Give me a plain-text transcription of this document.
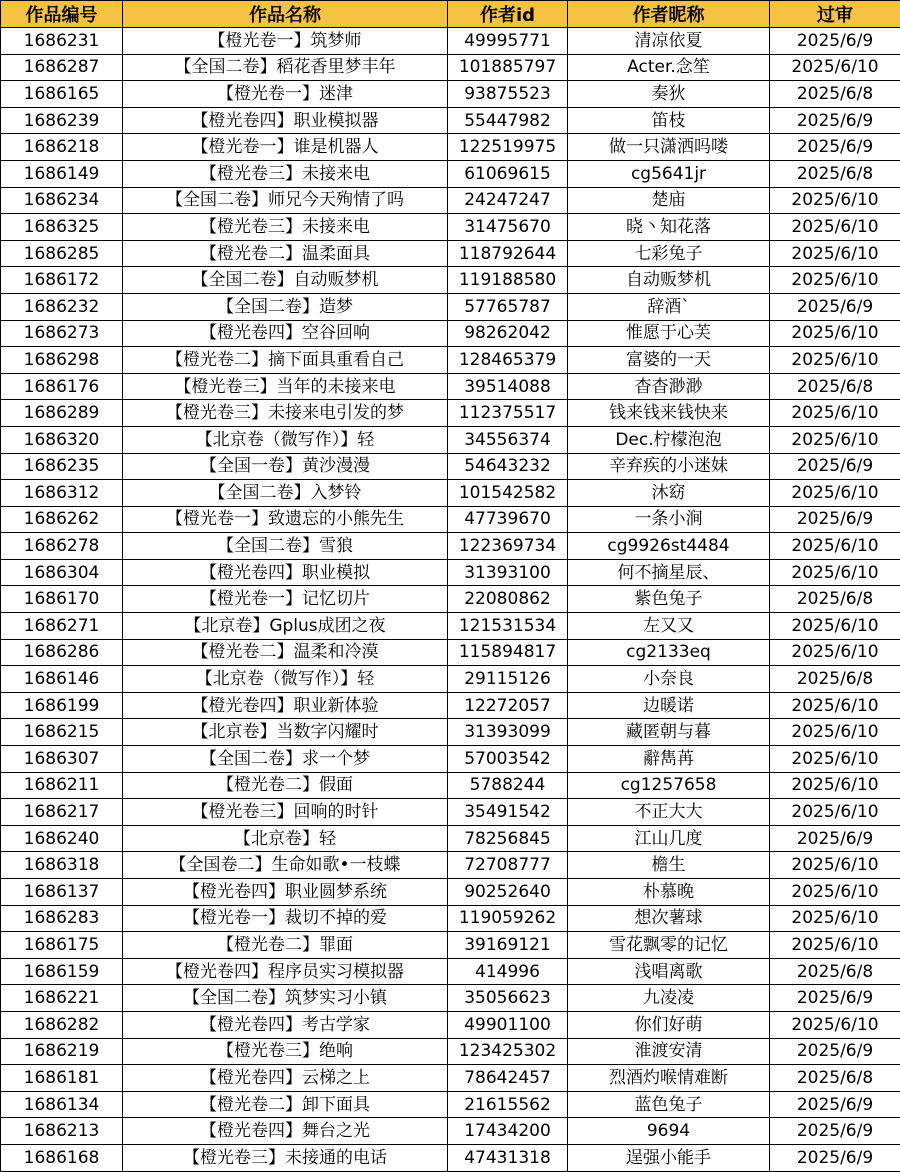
作品编号	作品名称	作者id	作者昵称	过审
1686231	【橙光卷一】筑梦师	49995771	清凉依夏	2025/6/9
1686287	【全国二卷】稻花香里梦丰年	101885797	Acter.念笙	2025/6/10
1686165	【橙光卷一】迷津	93875523	奏狄	2025/6/8
1686239	【橙光卷四】职业模拟器	55447982	笛枝	2025/6/9
1686218	【橙光卷一】谁是机器人	122519975	做一只潇洒吗喽	2025/6/9
1686149	【橙光卷三】未接来电	61069615	cg5641jr	2025/6/8
1686234	【全国二卷】师兄今天殉情了吗	24247247	楚庙	2025/6/10
1686325	【橙光卷三】未接来电	31475670	晓丶知花落	2025/6/10
1686285	【橙光卷二】温柔面具	118792644	七彩兔子	2025/6/10
1686172	【全国二卷】自动贩梦机	119188580	自动贩梦机	2025/6/10
1686232	【全国二卷】造梦	57765787	辞酒`	2025/6/9
1686273	【橙光卷四】空谷回响	98262042	惟愿于心芙	2025/6/10
1686298	【橙光卷二】摘下面具重看自己	128465379	富婆的一天	2025/6/10
1686176	【橙光卷三】当年的未接来电	39514088	杳杳渺渺	2025/6/8
1686289	【橙光卷三】未接来电引发的梦	112375517	钱来钱来钱快来	2025/6/10
1686320	【北京卷（微写作）】轻	34556374	Dec.柠檬泡泡	2025/6/10
1686235	【全国一卷】黄沙漫漫	54643232	辛弃疾的小迷妹	2025/6/9
1686312	【全国二卷】入梦铃	101542582	沐窈	2025/6/10
1686262	【橙光卷一】致遗忘的小熊先生	47739670	一条小涧	2025/6/9
1686278	【全国二卷】雪狼	122369734	cg9926st4484	2025/6/10
1686304	【橙光卷四】职业模拟	31393100	何不摘星辰、	2025/6/10
1686170	【橙光卷一】记忆切片	22080862	紫色兔子	2025/6/8
1686271	【北京卷】Gplus成团之夜	121531534	左又又	2025/6/10
1686286	【橙光卷二】温柔和冷漠	115894817	cg2133eq	2025/6/10
1686146	【北京卷（微写作）】轻	29115126	小奈良	2025/6/8
1686199	【橙光卷四】职业新体验	12272057	边暖诺	2025/6/10
1686215	【北京卷】当数字闪耀时	31393099	藏匿朝与暮	2025/6/10
1686307	【全国二卷】求一个梦	57003542	辭雋苒	2025/6/10
1686211	【橙光卷二】假面	5788244	cg1257658	2025/6/10
1686217	【橙光卷三】回响的时针	35491542	不正大大	2025/6/10
1686240	【北京卷】轻	78256845	江山几度	2025/6/9
1686318	【全国卷二】生命如歌•一枝蝶	72708777	檐生	2025/6/10
1686137	【橙光卷四】职业圆梦系统	90252640	朴慕晚	2025/6/10
1686283	【橙光卷一】裁切不掉的爱	119059262	想次薯球	2025/6/10
1686175	【橙光卷二】罪面	39169121	雪花飘零的记忆	2025/6/10
1686159	【橙光卷四】程序员实习模拟器	414996	浅唱离歌	2025/6/8
1686221	【全国二卷】筑梦实习小镇	35056623	九凌凌	2025/6/9
1686282	【橙光卷四】考古学家	49901100	你们好萌	2025/6/10
1686219	【橙光卷三】绝响	123425302	淮渡安清	2025/6/9
1686181	【橙光卷四】云梯之上	78642457	烈酒灼喉情难断	2025/6/8
1686134	【橙光卷二】卸下面具	21615562	蓝色兔子	2025/6/9
1686213	【橙光卷四】舞台之光	17434200	9694	2025/6/9
1686168	【橙光卷三】未接通的电话	47431318	逞强小能手	2025/6/9
